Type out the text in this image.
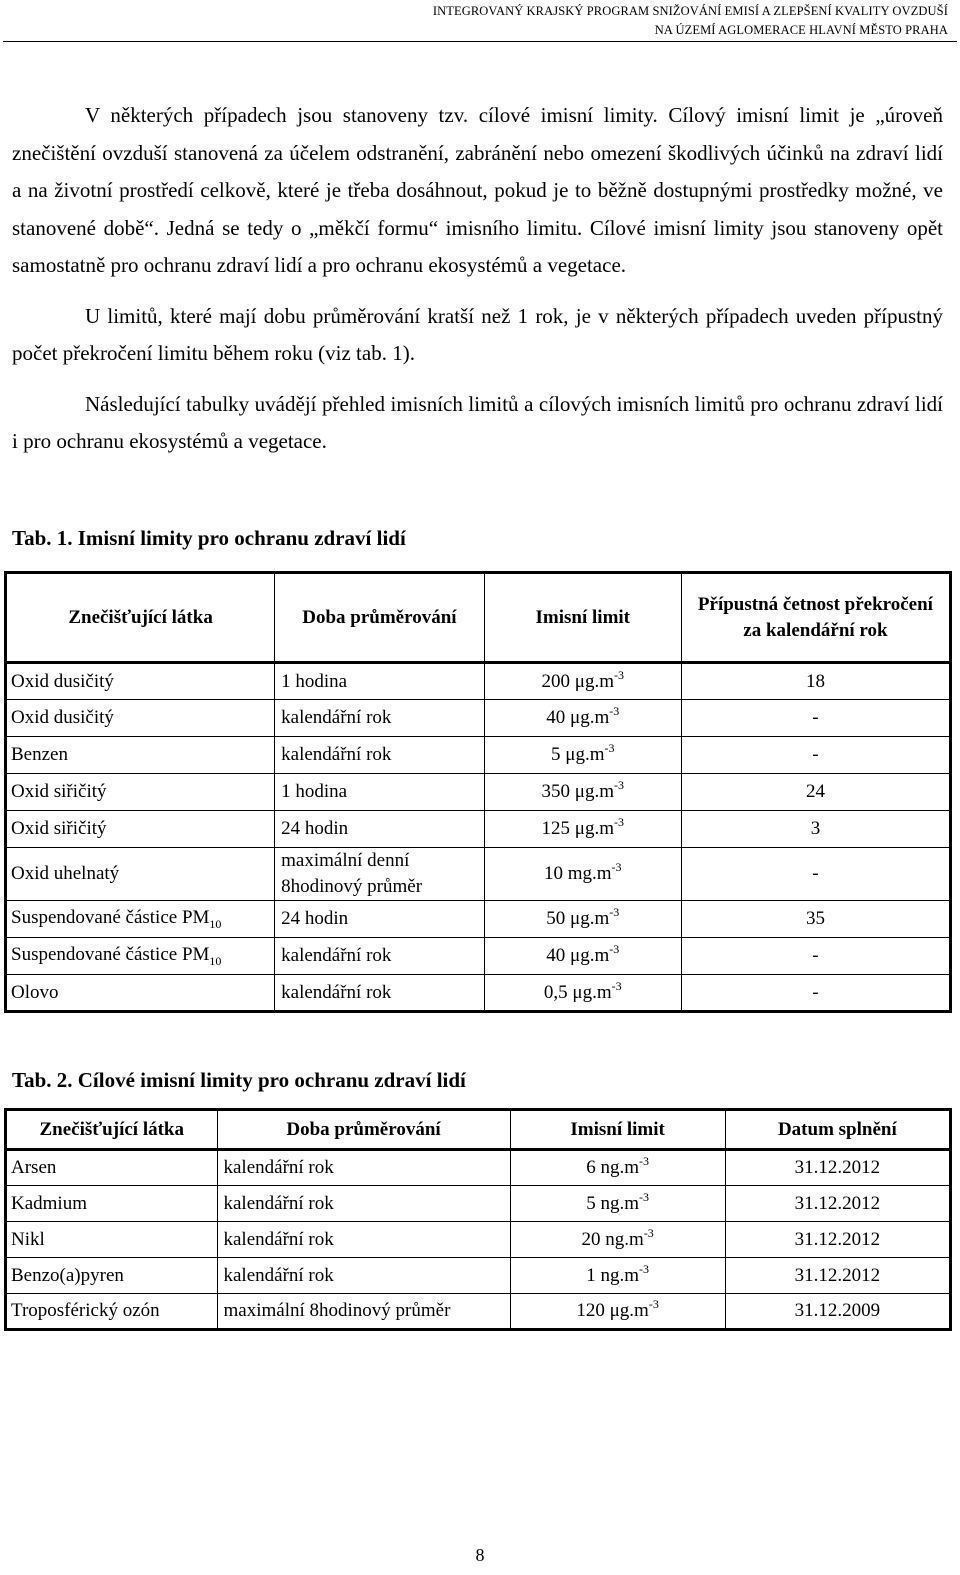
INTEGROVANÝ KRAJSKÝ PROGRAM SNIŽOVÁNÍ EMISÍ A ZLEPŠENÍ KVALITY OVZDUŠÍ
NA ÚZEMÍ AGLOMERACE HLAVNÍ MĚSTO PRAHA

V některých případech jsou stanoveny tzv. cílové imisní limity. Cílový imisní limit je „úroveň znečištění ovzduší stanovená za účelem odstranění, zabránění nebo omezení škodlivých účinků na zdraví lidí a na životní prostředí celkově, které je třeba dosáhnout, pokud je to běžně dostupnými prostředky možné, ve stanovené době“. Jedná se tedy o „měkčí formu“ imisního limitu. Cílové imisní limity jsou stanoveny opět samostatně pro ochranu zdraví lidí a pro ochranu ekosystémů a vegetace.

U limitů, které mají dobu průměrování kratší než 1 rok, je v některých případech uveden přípustný počet překročení limitu během roku (viz tab. 1).

Následující tabulky uvádějí přehled imisních limitů a cílových imisních limitů pro ochranu zdraví lidí i pro ochranu ekosystémů a vegetace.

Tab. 1. Imisní limity pro ochranu zdraví lidí
Znečišťující látka	Doba průměrování	Imisní limit	Přípustná četnost překročení za kalendářní rok
Oxid dusičitý	1 hodina	200 $\mu g.m^{-3}$	18
Oxid dusičitý	kalendářní rok	40 $\mu g.m^{-3}$	-
Benzen	kalendářní rok	5 $\mu g.m^{-3}$	-
Oxid siřičitý	1 hodina	350 $\mu g.m^{-3}$	24
Oxid siřičitý	24 hodin	125 $\mu g.m^{-3}$	3
Oxid uhelnatý	maximální denní
8hodinový průměr	10 $mg.m^{-3}$	-
Suspendované částice $PM_{10}$	24 hodin	50 $\mu g.m^{-3}$	35
Suspendované částice $PM_{10}$	kalendářní rok	40 $\mu g.m^{-3}$	-
Olovo	kalendářní rok	0,5 $\mu g.m^{-3}$	-
Tab. 2. Cílové imisní limity pro ochranu zdraví lidí
Znečišťující látka	Doba průměrování	Imisní limit	Datum splnění
Arsen	kalendářní rok	6 $ng.m^{-3}$	31.12.2012
Kadmium	kalendářní rok	5 $ng.m^{-3}$	31.12.2012
Nikl	kalendářní rok	20 $ng.m^{-3}$	31.12.2012
Benzo(a)pyren	kalendářní rok	1 $ng.m^{-3}$	31.12.2012
Troposférický ozón	maximální 8hodinový průměr	120 $\mu g.m^{-3}$	31.12.2009
8
